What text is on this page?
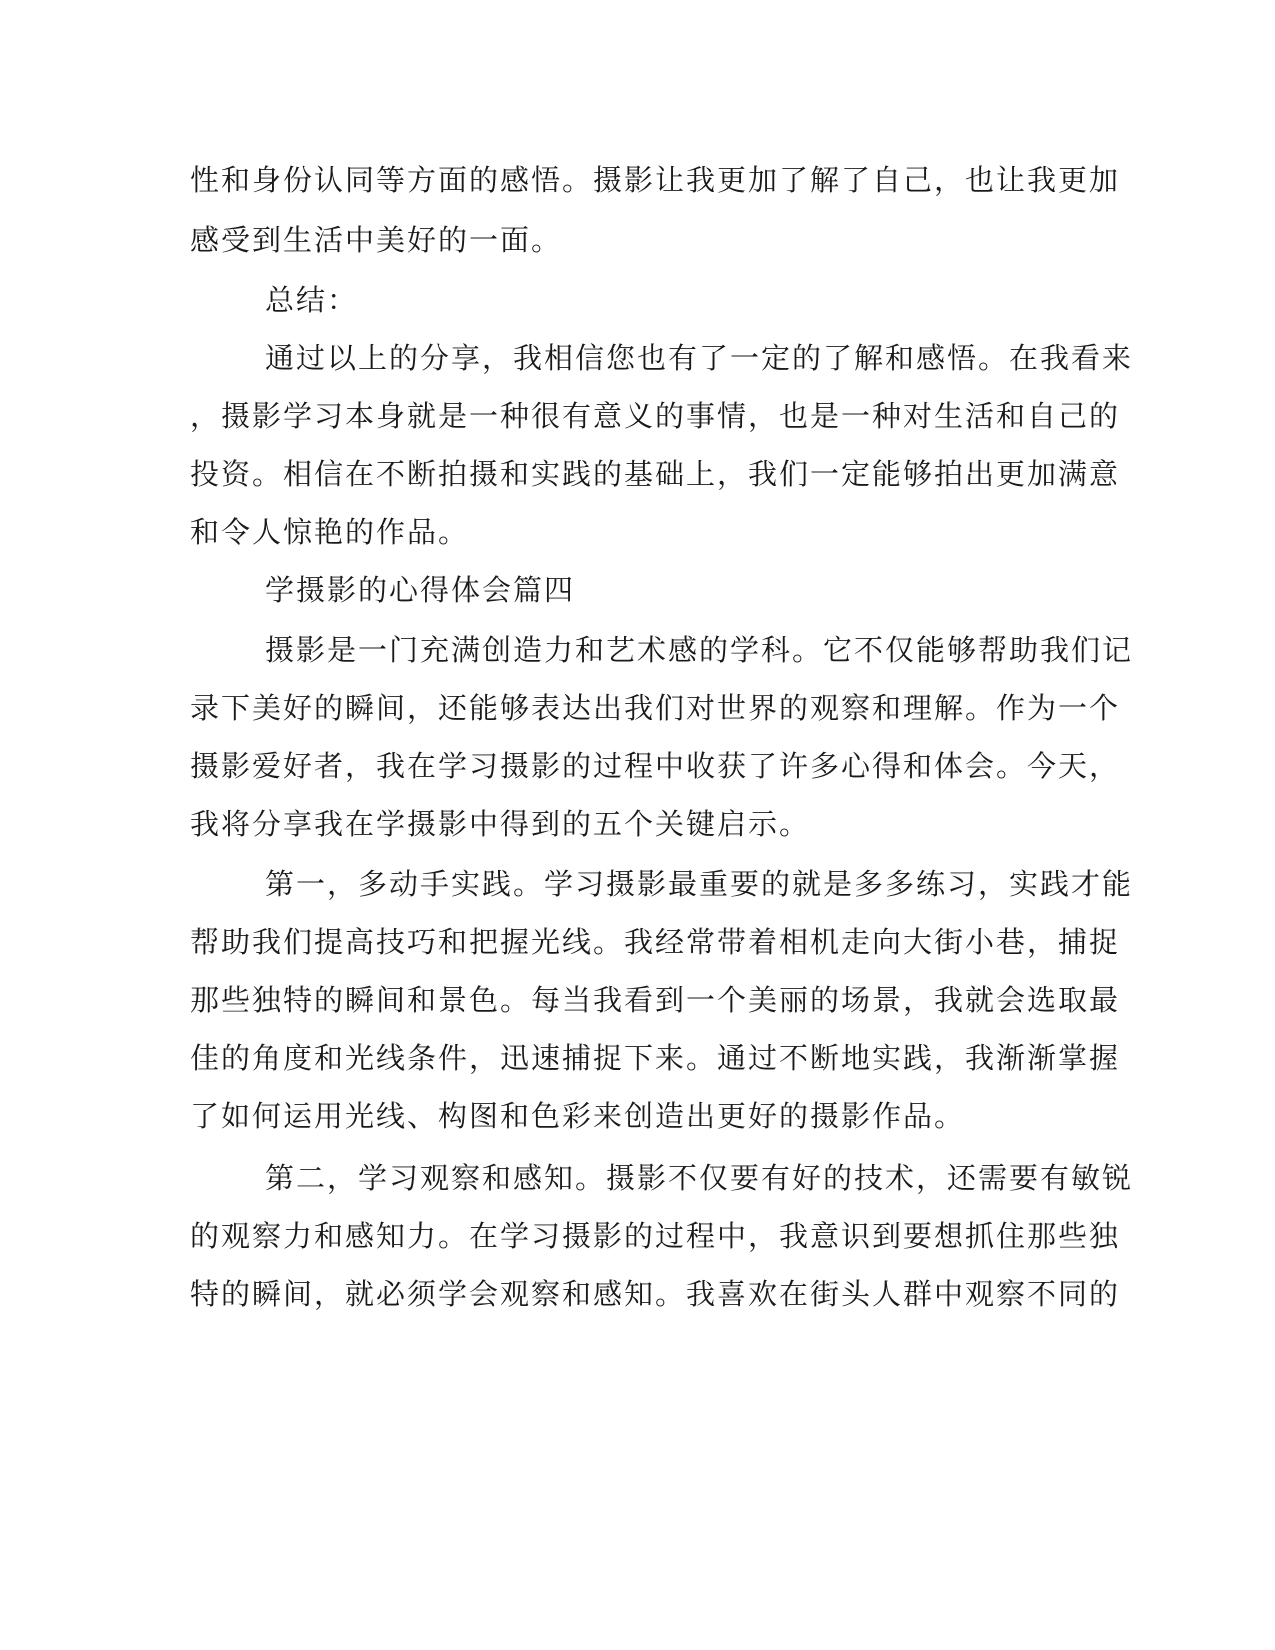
性和身份认同等方面的感悟。摄影让我更加了解了自己，也让我更加
感受到生活中美好的一面。
总结：
通过以上的分享，我相信您也有了一定的了解和感悟。在我看来
，摄影学习本身就是一种很有意义的事情，也是一种对生活和自己的
投资。相信在不断拍摄和实践的基础上，我们一定能够拍出更加满意
和令人惊艳的作品。
学摄影的心得体会篇四
摄影是一门充满创造力和艺术感的学科。它不仅能够帮助我们记
录下美好的瞬间，还能够表达出我们对世界的观察和理解。作为一个
摄影爱好者，我在学习摄影的过程中收获了许多心得和体会。今天，
我将分享我在学摄影中得到的五个关键启示。
第一，多动手实践。学习摄影最重要的就是多多练习，实践才能
帮助我们提高技巧和把握光线。我经常带着相机走向大街小巷，捕捉
那些独特的瞬间和景色。每当我看到一个美丽的场景，我就会选取最
佳的角度和光线条件，迅速捕捉下来。通过不断地实践，我渐渐掌握
了如何运用光线、构图和色彩来创造出更好的摄影作品。
第二，学习观察和感知。摄影不仅要有好的技术，还需要有敏锐
的观察力和感知力。在学习摄影的过程中，我意识到要想抓住那些独
特的瞬间，就必须学会观察和感知。我喜欢在街头人群中观察不同的
